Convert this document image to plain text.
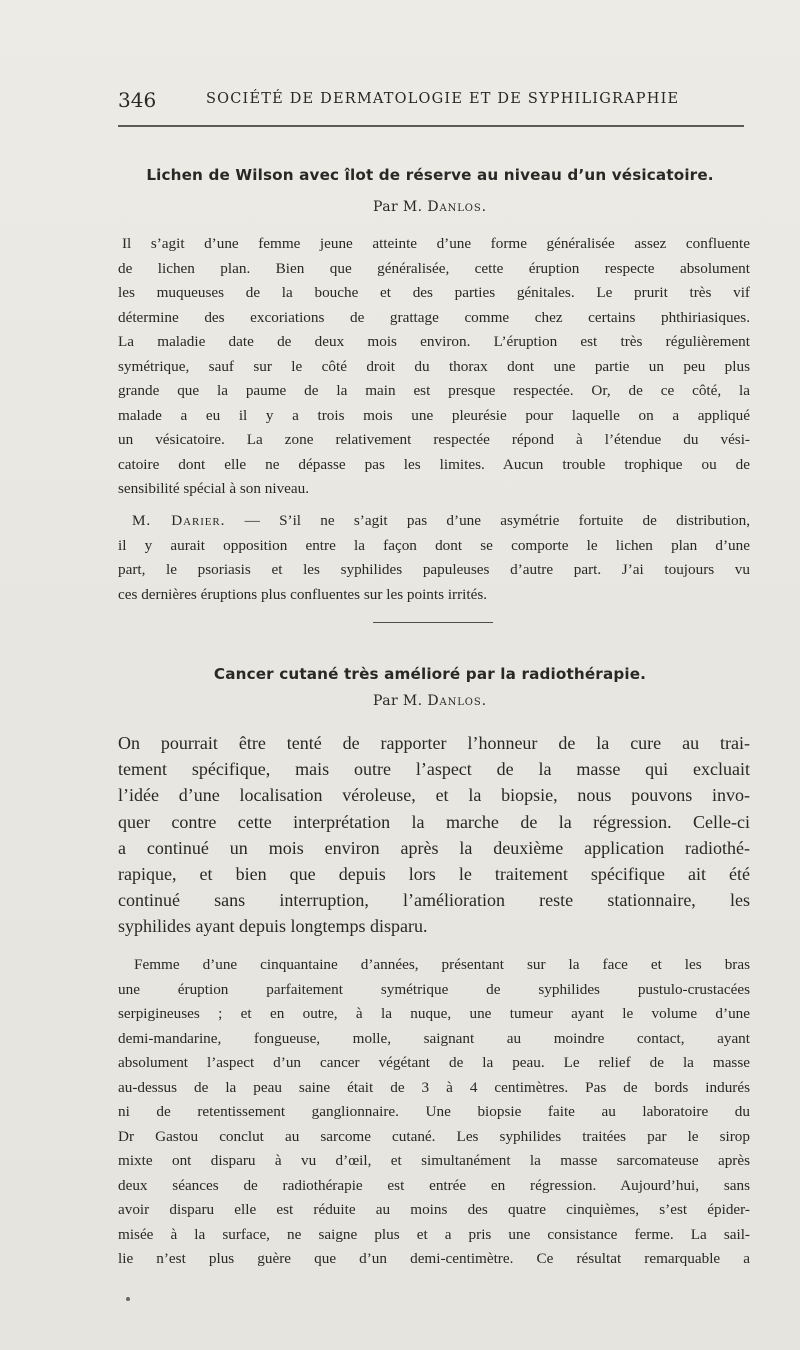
346	SOCIÉTÉ DE DERMATOLOGIE ET DE SYPHILIGRAPHIE
Lichen de Wilson avec îlot de réserve au niveau d’un vésicatoire.
Par M. Danlos.
Il s’agit d’une femme jeune atteinte d’une forme généralisée assez confluente
de lichen plan. Bien que généralisée, cette éruption respecte absolument
les muqueuses de la bouche et des parties génitales. Le prurit très vif
détermine des excoriations de grattage comme chez certains phthiriasiques.
La maladie date de deux mois environ. L’éruption est très régulièrement
symétrique, sauf sur le côté droit du thorax dont une partie un peu plus
grande que la paume de la main est presque respectée. Or, de ce côté, la
malade a eu il y a trois mois une pleurésie pour laquelle on a appliqué
un vésicatoire. La zone relativement respectée répond à l’étendue du vési-
catoire dont elle ne dépasse pas les limites. Aucun trouble trophique ou de
sensibilité spécial à son niveau.
M. Darier. — S’il ne s’agit pas d’une asymétrie fortuite de distribution,
il y aurait opposition entre la façon dont se comporte le lichen plan d’une
part, le psoriasis et les syphilides papuleuses d’autre part. J’ai toujours vu
ces dernières éruptions plus confluentes sur les points irrités.
Cancer cutané très amélioré par la radiothérapie.
Par M. Danlos.
On pourrait être tenté de rapporter l’honneur de la cure au trai-
tement spécifique, mais outre l’aspect de la masse qui excluait
l’idée d’une localisation véroleuse, et la biopsie, nous pouvons invo-
quer contre cette interprétation la marche de la régression. Celle-ci
a continué un mois environ après la deuxième application radiothé-
rapique, et bien que depuis lors le traitement spécifique ait été
continué sans interruption, l’amélioration reste stationnaire, les
syphilides ayant depuis longtemps disparu.
Femme d’une cinquantaine d’années, présentant sur la face et les bras
une éruption parfaitement symétrique de syphilides pustulo-crustacées
serpigineuses ; et en outre, à la nuque, une tumeur ayant le volume d’une
demi-mandarine, fongueuse, molle, saignant au moindre contact, ayant
absolument l’aspect d’un cancer végétant de la peau. Le relief de la masse
au-dessus de la peau saine était de 3 à 4 centimètres. Pas de bords indurés
ni de retentissement ganglionnaire. Une biopsie faite au laboratoire du
Dr Gastou conclut au sarcome cutané. Les syphilides traitées par le sirop
mixte ont disparu à vu d’œil, et simultanément la masse sarcomateuse après
deux séances de radiothérapie est entrée en régression. Aujourd’hui, sans
avoir disparu elle est réduite au moins des quatre cinquièmes, s’est épider-
misée à la surface, ne saigne plus et a pris une consistance ferme. La sail-
lie n’est plus guère que d’un demi-centimètre. Ce résultat remarquable a
